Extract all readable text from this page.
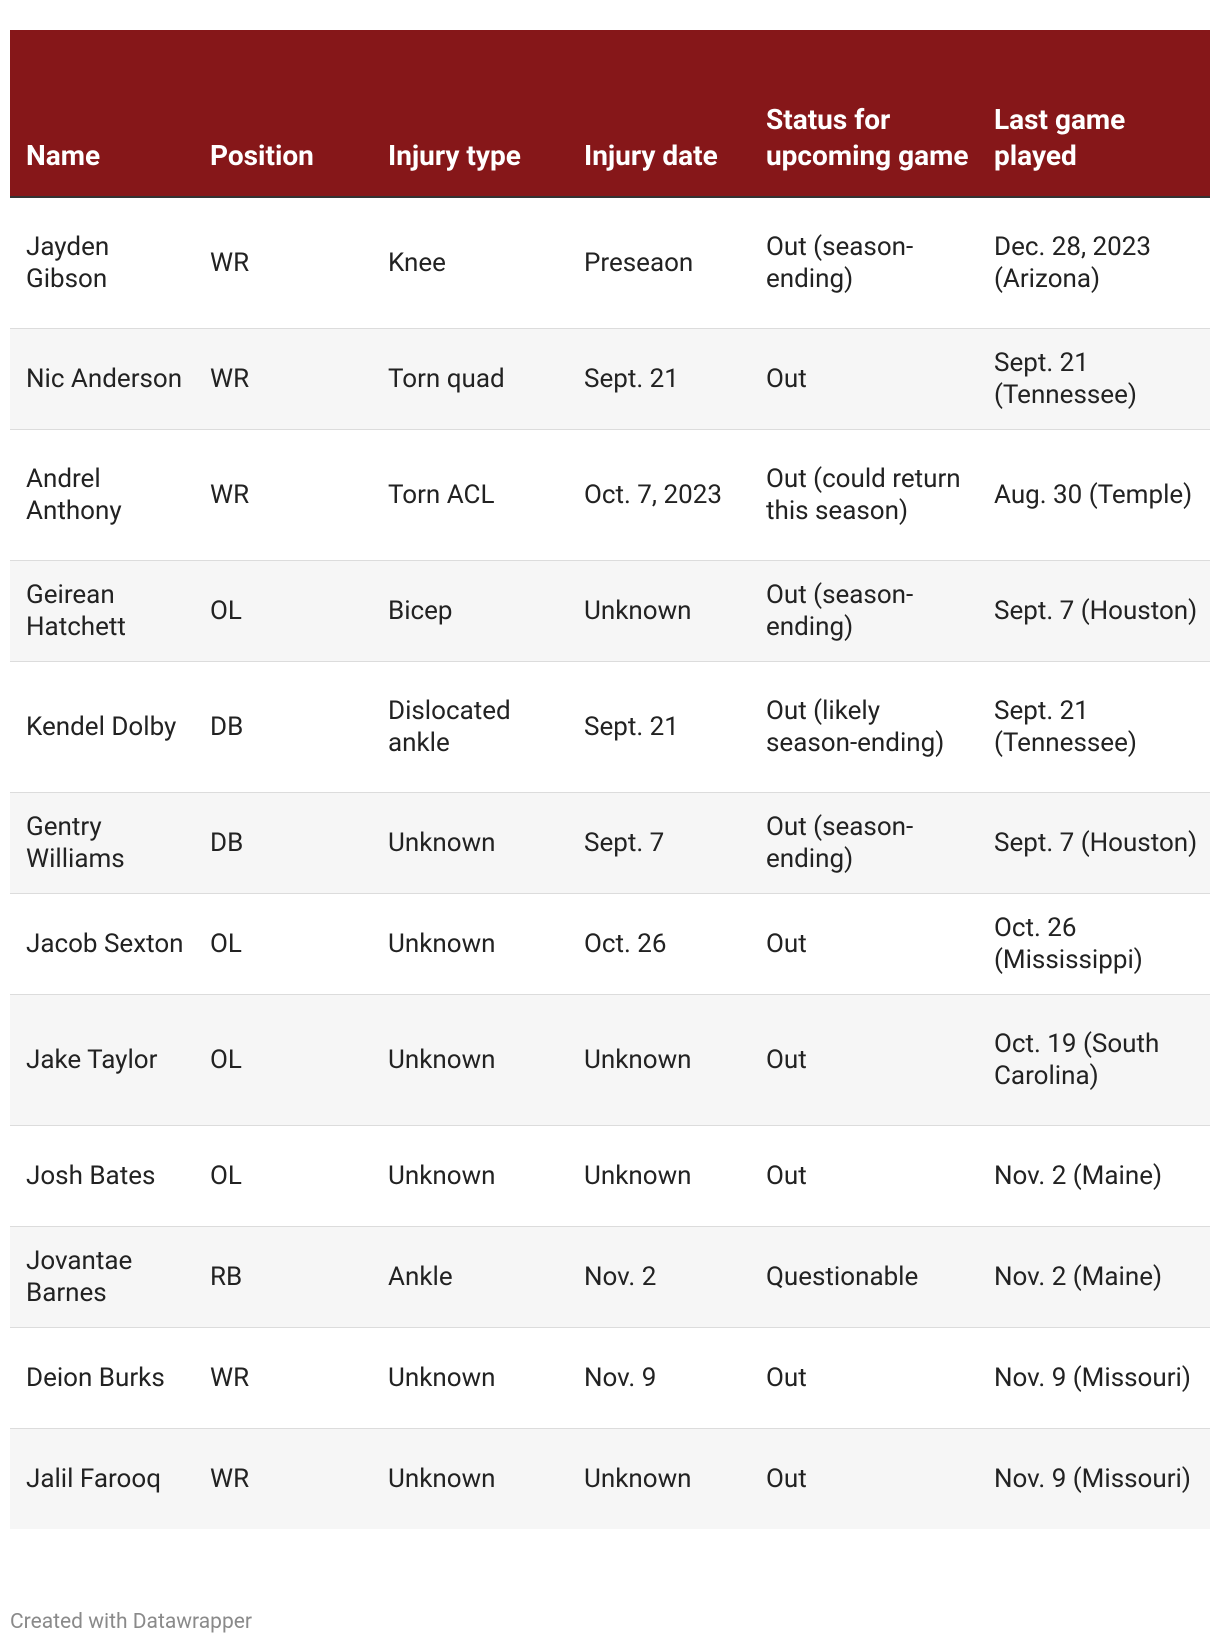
Name	Position	Injury type	Injury date	Status for upcoming game	Last game played
Jayden Gibson	WR	Knee	Preseaon	Out (season-ending)	Dec. 28, 2023 (Arizona)
Nic Anderson	WR	Torn quad	Sept. 21	Out	Sept. 21 (Tennessee)
Andrel Anthony	WR	Torn ACL	Oct. 7, 2023	Out (could return this season)	Aug. 30 (Temple)
Geirean Hatchett	OL	Bicep	Unknown	Out (season-ending)	Sept. 7 (Houston)
Kendel Dolby	DB	Dislocated ankle	Sept. 21	Out (likely season-ending)	Sept. 21 (Tennessee)
Gentry Williams	DB	Unknown	Sept. 7	Out (season-ending)	Sept. 7 (Houston)
Jacob Sexton	OL	Unknown	Oct. 26	Out	Oct. 26 (Mississippi)
Jake Taylor	OL	Unknown	Unknown	Out	Oct. 19 (South Carolina)
Josh Bates	OL	Unknown	Unknown	Out	Nov. 2 (Maine)
Jovantae Barnes	RB	Ankle	Nov. 2	Questionable	Nov. 2 (Maine)
Deion Burks	WR	Unknown	Nov. 9	Out	Nov. 9 (Missouri)
Jalil Farooq	WR	Unknown	Unknown	Out	Nov. 9 (Missouri)
Created with Datawrapper
